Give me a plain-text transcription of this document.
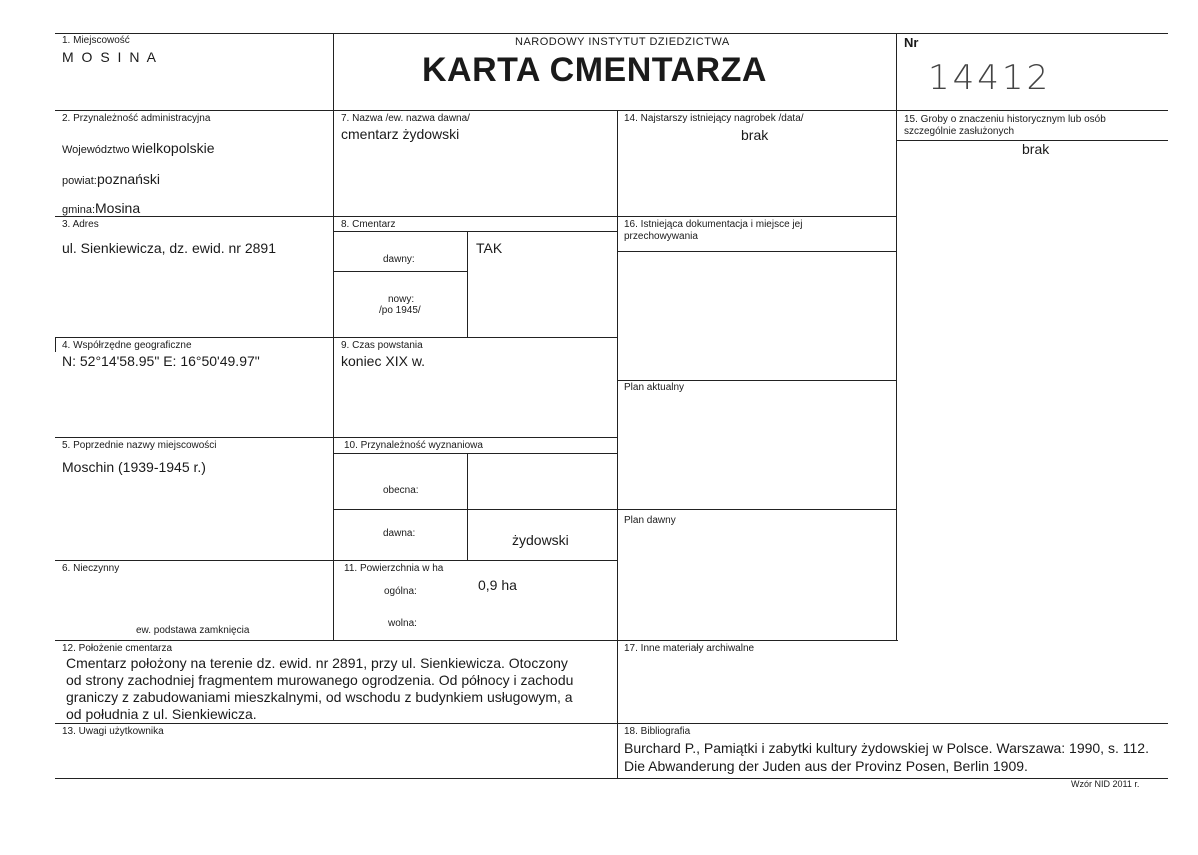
1. Miejscowość
M O S I N A
NARODOWY INSTYTUT DZIEDZICTWA
KARTA CMENTARZA
Nr
14412
2. Przynależność administracyjna
Województwo wielkopolskie
powiat: poznański
gmina: Mosina
3. Adres
ul. Sienkiewicza, dz. ewid. nr 2891
4. Współrzędne geograficzne
N: 52°14'58.95" E: 16°50'49.97"
5. Poprzednie nazwy miejscowości
Moschin (1939-1945 r.)
6. Nieczynny
ew. podstawa zamknięcia
7. Nazwa /ew. nazwa dawna/
cmentarz żydowski
8. Cmentarz
dawny:
TAK
nowy:
/po 1945/
9. Czas powstania
koniec XIX w.
10. Przynależność wyznaniowa
obecna:
dawna:	żydowski
11. Powierzchnia w ha
ogólna:	0,9 ha
wolna:
12. Położenie cmentarza
Cmentarz położony na terenie dz. ewid. nr 2891, przy ul. Sienkiewicza. Otoczony
od strony zachodniej fragmentem murowanego ogrodzenia. Od północy i zachodu
graniczy z zabudowaniami mieszkalnymi, od wschodu z budynkiem usługowym, a
od południa z ul. Sienkiewicza.
13. Uwagi użytkownika
14. Najstarszy istniejący nagrobek /data/
brak
16. Istniejąca dokumentacja i miejsce jej
przechowywania
Plan aktualny
Plan dawny
17. Inne materiały archiwalne
18. Bibliografia
Burchard P., Pamiątki i zabytki kultury żydowskiej w Polsce. Warszawa: 1990, s. 112.
Die Abwanderung der Juden aus der Provinz Posen, Berlin 1909.
15. Groby o znaczeniu historycznym lub osób
szczególnie zasłużonych
brak
Wzór NID 2011 r.
